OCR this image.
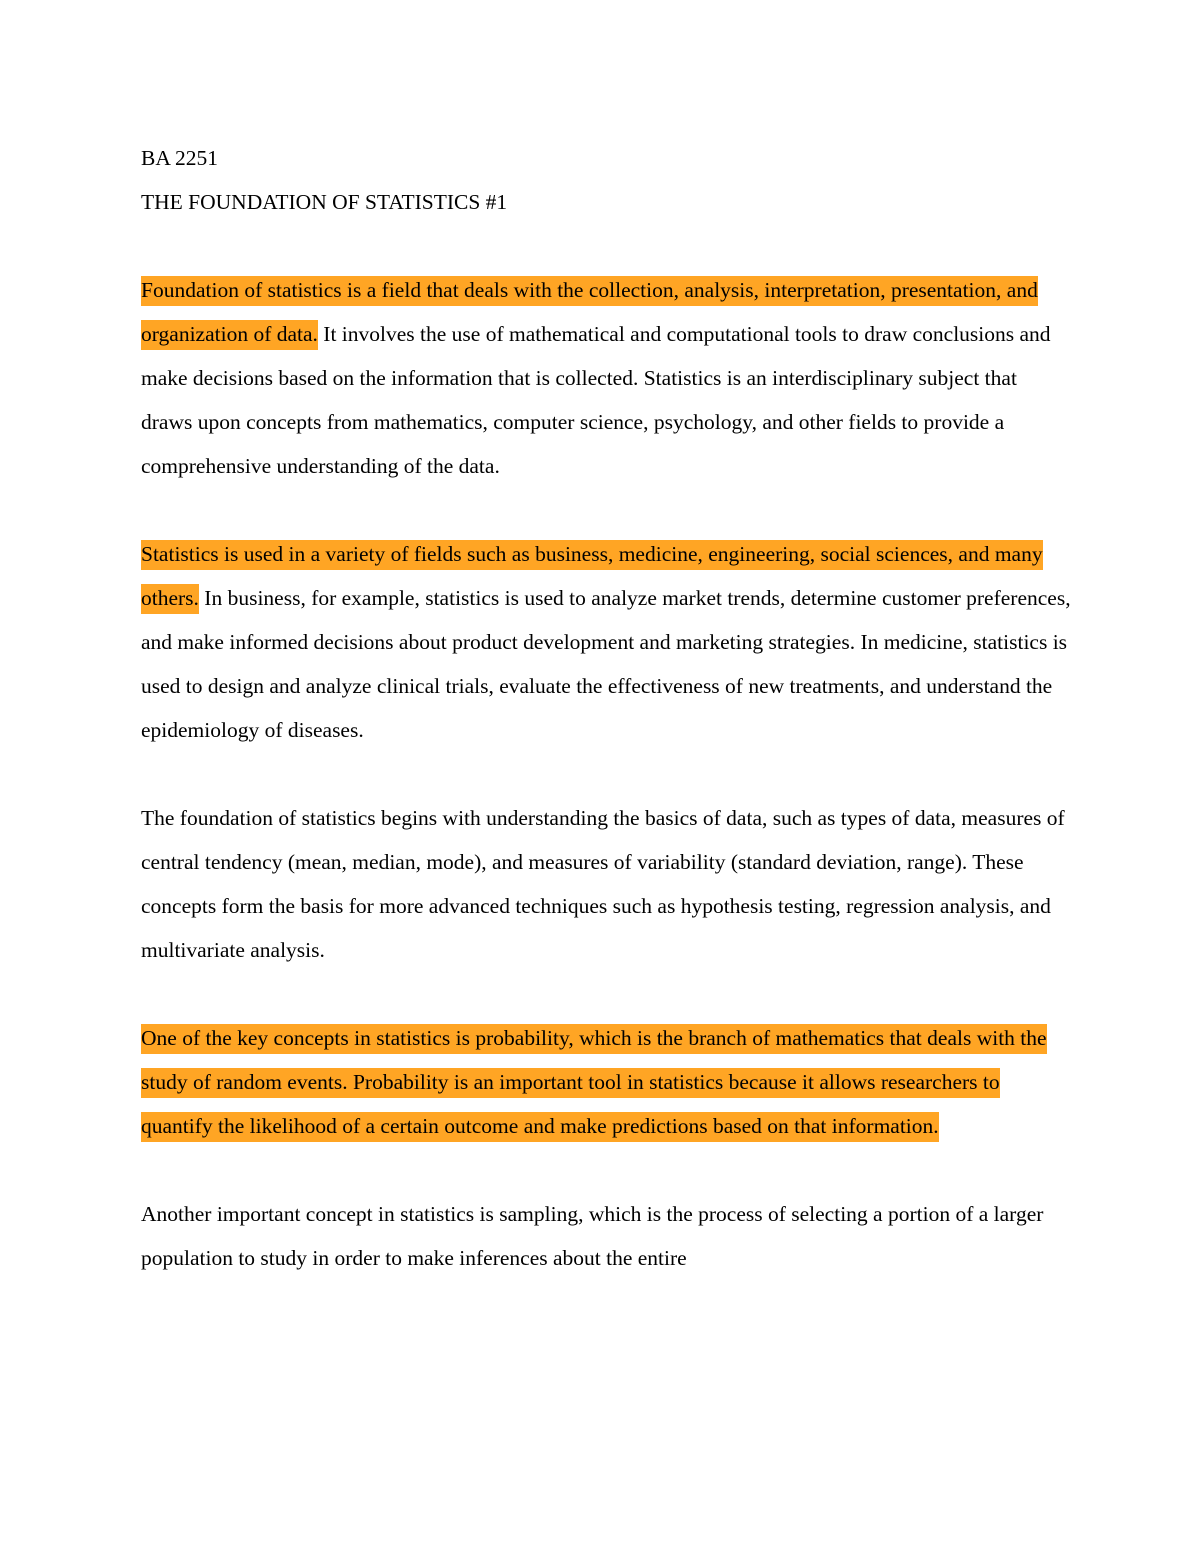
BA 2251
THE FOUNDATION OF STATISTICS #1

Foundation of statistics is a field that deals with the collection, analysis, interpretation, presentation, and organization of data. It involves the use of mathematical and computational tools to draw conclusions and make decisions based on the information that is collected. Statistics is an interdisciplinary subject that draws upon concepts from mathematics, computer science, psychology, and other fields to provide a comprehensive understanding of the data.

Statistics is used in a variety of fields such as business, medicine, engineering, social sciences, and many others. In business, for example, statistics is used to analyze market trends, determine customer preferences, and make informed decisions about product development and marketing strategies. In medicine, statistics is used to design and analyze clinical trials, evaluate the effectiveness of new treatments, and understand the epidemiology of diseases.

The foundation of statistics begins with understanding the basics of data, such as types of data, measures of central tendency (mean, median, mode), and measures of variability (standard deviation, range). These concepts form the basis for more advanced techniques such as hypothesis testing, regression analysis, and multivariate analysis.

One of the key concepts in statistics is probability, which is the branch of mathematics that deals with the study of random events. Probability is an important tool in statistics because it allows researchers to quantify the likelihood of a certain outcome and make predictions based on that information.

Another important concept in statistics is sampling, which is the process of selecting a portion of a larger population to study in order to make inferences about the entire
